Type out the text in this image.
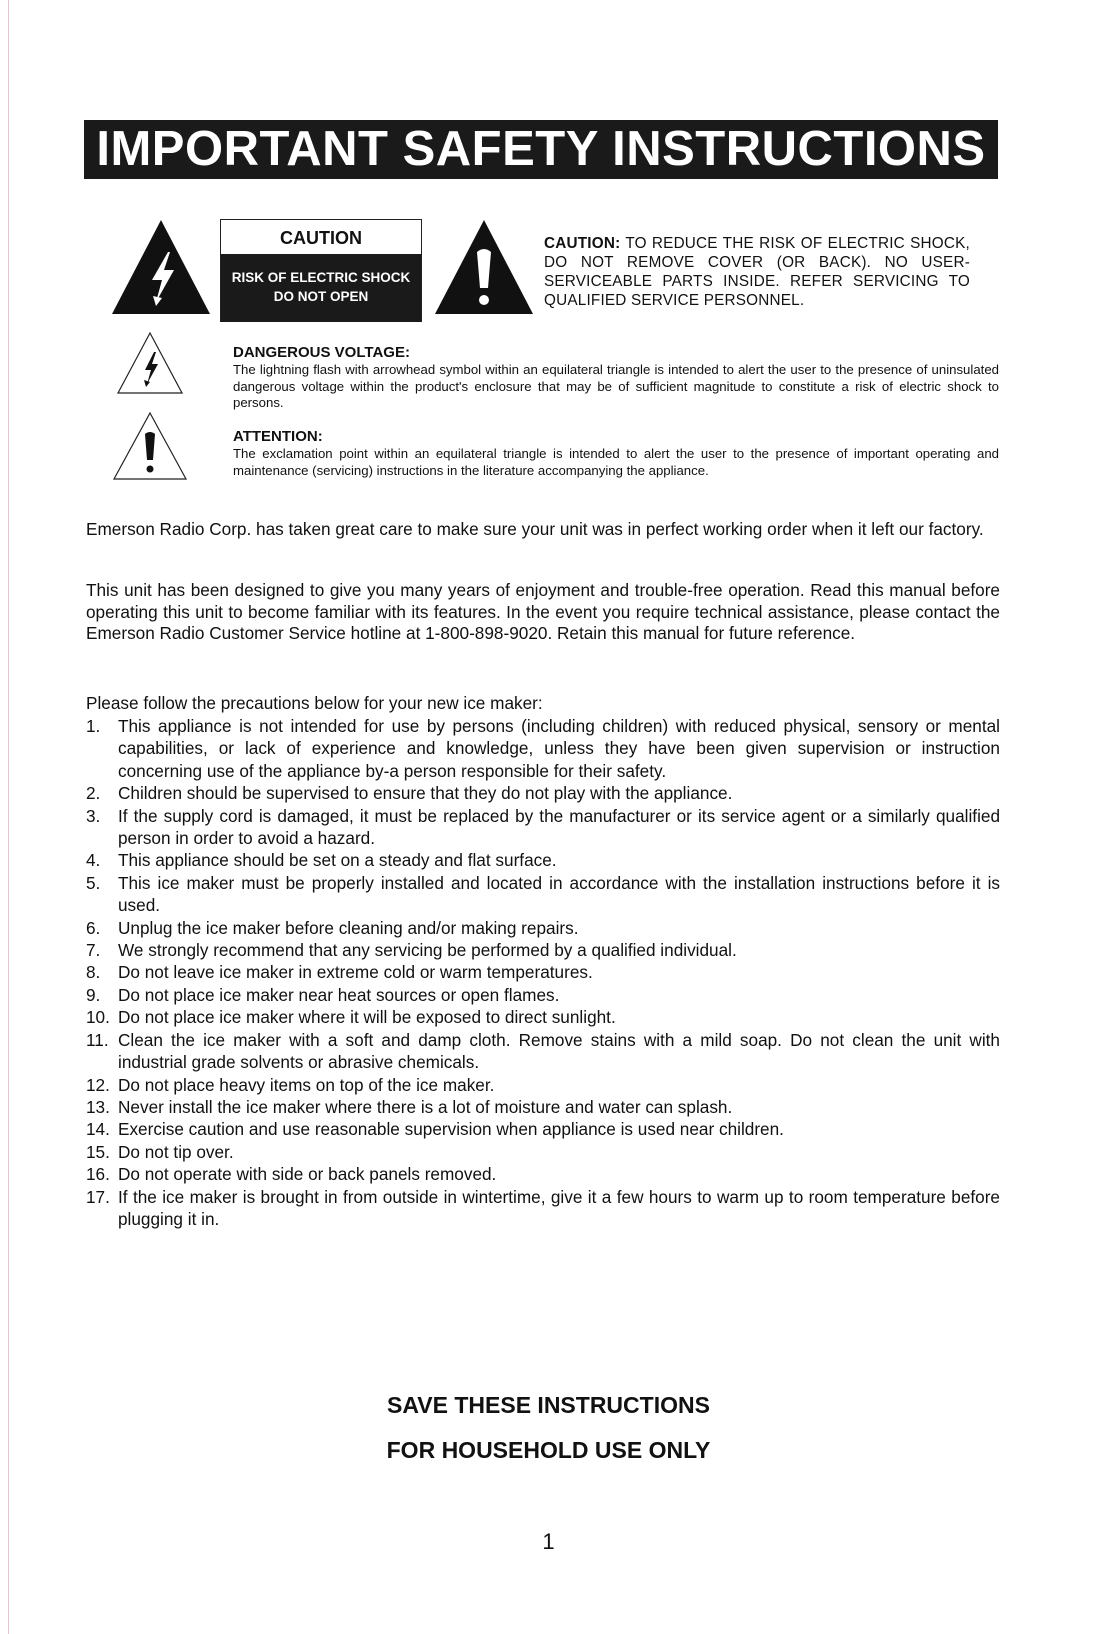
IMPORTANT SAFETY INSTRUCTIONS
CAUTION
RISK OF ELECTRIC SHOCK
DO NOT OPEN
CAUTION: TO REDUCE THE RISK OF ELECTRIC SHOCK, DO NOT REMOVE COVER (OR BACK). NO USER-SERVICEABLE PARTS INSIDE. REFER SERVICING TO QUALIFIED SERVICE PERSONNEL.
DANGEROUS VOLTAGE:
The lightning flash with arrowhead symbol within an equilateral triangle is intended to alert the user to the presence of uninsulated dangerous voltage within the product's enclosure that may be of sufficient magnitude to constitute a risk of electric shock to persons.
ATTENTION:
The exclamation point within an equilateral triangle is intended to alert the user to the presence of important operating and maintenance (servicing) instructions in the literature accompanying the appliance.
Emerson Radio Corp. has taken great care to make sure your unit was in perfect working order when it left our factory.
This unit has been designed to give you many years of enjoyment and trouble-free operation. Read this manual before operating this unit to become familiar with its features. In the event you require technical assistance, please contact the Emerson Radio Customer Service hotline at 1-800-898-9020. Retain this manual for future reference.
Please follow the precautions below for your new ice maker:
1. This appliance is not intended for use by persons (including children) with reduced physical, sensory or mental capabilities, or lack of experience and knowledge, unless they have been given supervision or instruction concerning use of the appliance by-a person responsible for their safety.
2. Children should be supervised to ensure that they do not play with the appliance.
3. If the supply cord is damaged, it must be replaced by the manufacturer or its service agent or a similarly qualified person in order to avoid a hazard.
4. This appliance should be set on a steady and flat surface.
5. This ice maker must be properly installed and located in accordance with the installation instructions before it is used.
6. Unplug the ice maker before cleaning and/or making repairs.
7. We strongly recommend that any servicing be performed by a qualified individual.
8. Do not leave ice maker in extreme cold or warm temperatures.
9. Do not place ice maker near heat sources or open flames.
10. Do not place ice maker where it will be exposed to direct sunlight.
11. Clean the ice maker with a soft and damp cloth. Remove stains with a mild soap. Do not clean the unit with industrial grade solvents or abrasive chemicals.
12. Do not place heavy items on top of the ice maker.
13. Never install the ice maker where there is a lot of moisture and water can splash.
14. Exercise caution and use reasonable supervision when appliance is used near children.
15. Do not tip over.
16. Do not operate with side or back panels removed.
17. If the ice maker is brought in from outside in wintertime, give it a few hours to warm up to room temperature before plugging it in.
SAVE THESE INSTRUCTIONS
FOR HOUSEHOLD USE ONLY
1
